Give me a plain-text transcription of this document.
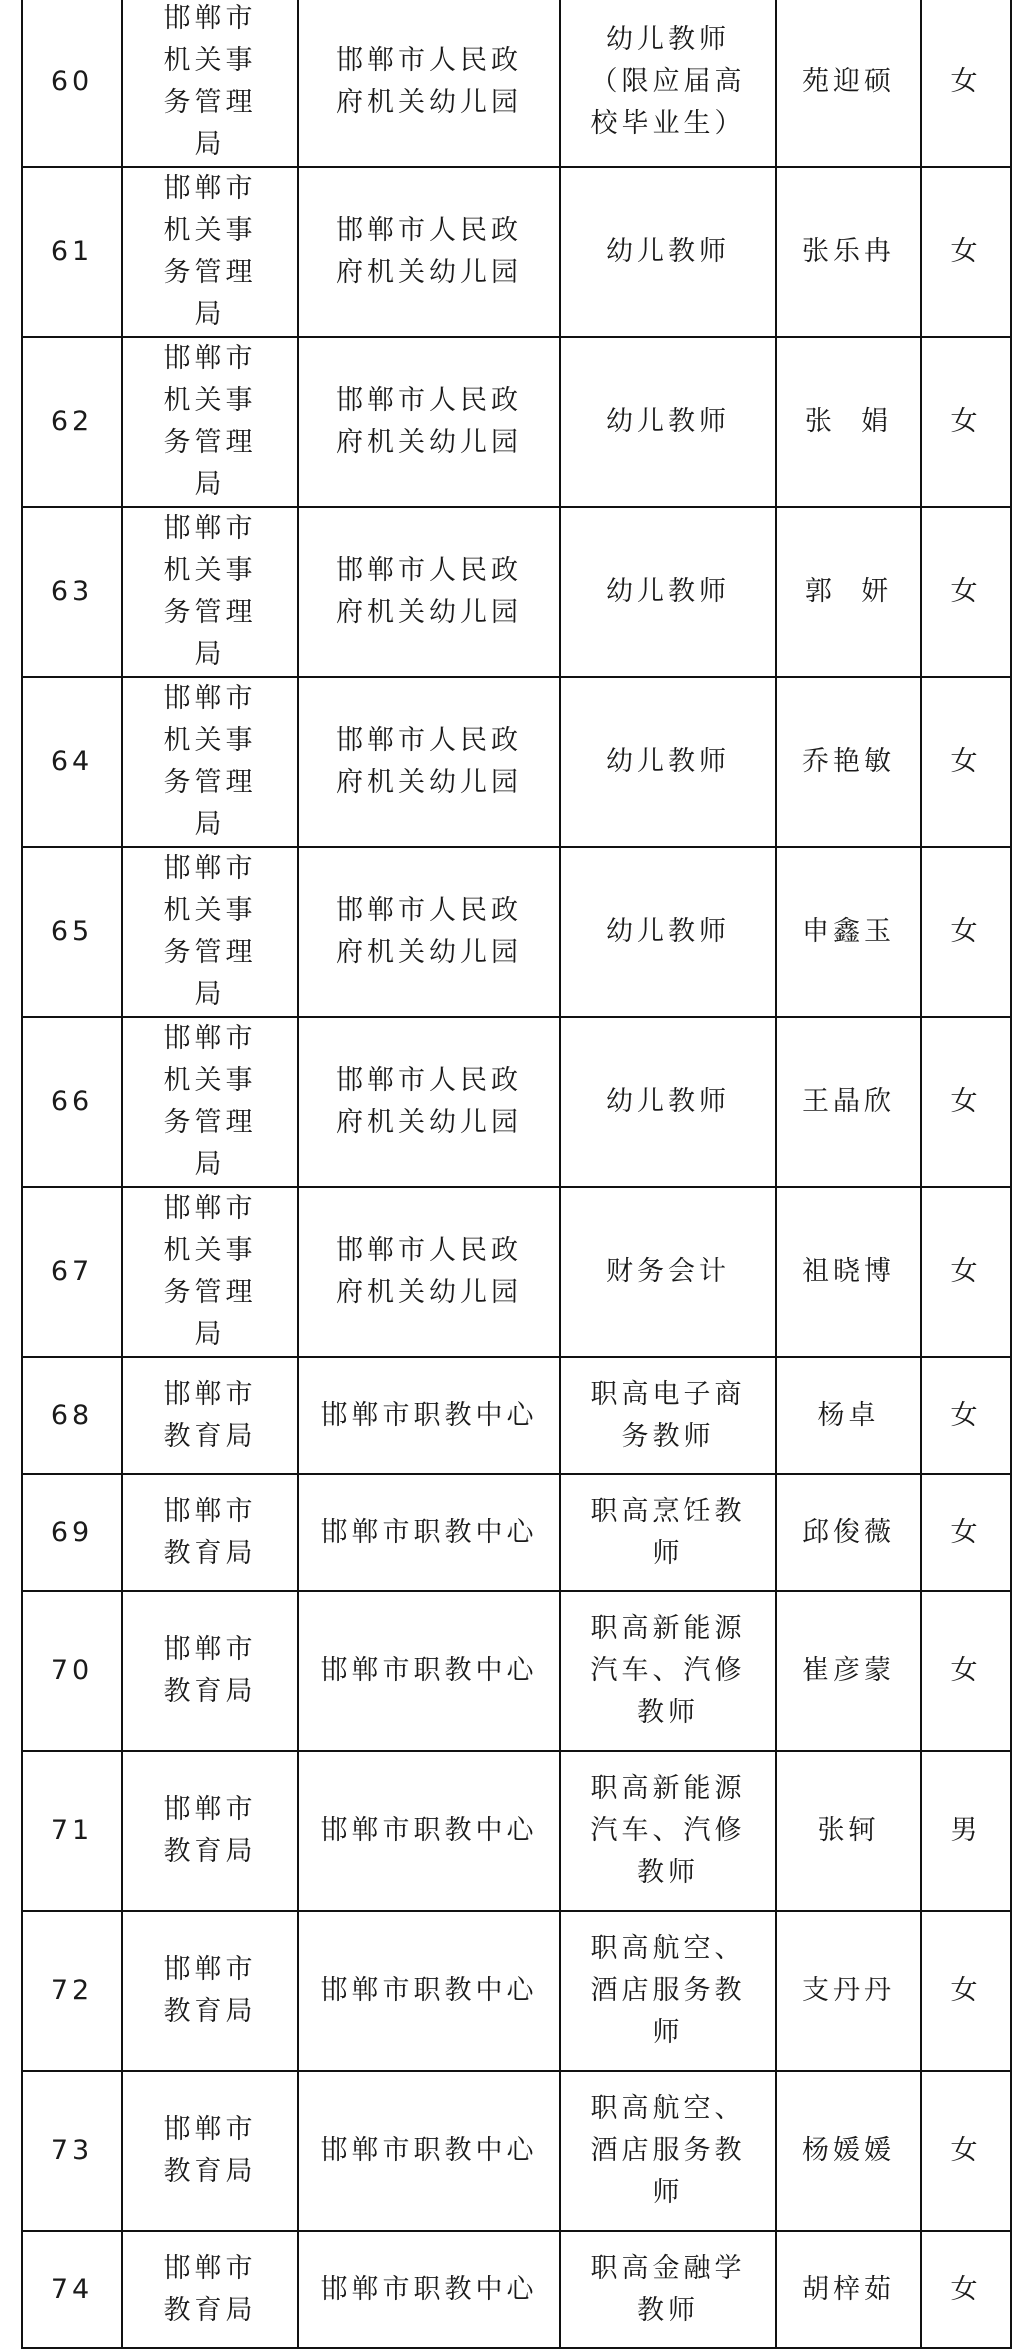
60	邯郸市机关事务管理局	邯郸市人民政府机关幼儿园	幼儿教师（限应届高校毕业生）	苑迎硕	女
61	邯郸市机关事务管理局	邯郸市人民政府机关幼儿园	幼儿教师	张乐冉	女
62	邯郸市机关事务管理局	邯郸市人民政府机关幼儿园	幼儿教师	张  娟	女
63	邯郸市机关事务管理局	邯郸市人民政府机关幼儿园	幼儿教师	郭  妍	女
64	邯郸市机关事务管理局	邯郸市人民政府机关幼儿园	幼儿教师	乔艳敏	女
65	邯郸市机关事务管理局	邯郸市人民政府机关幼儿园	幼儿教师	申鑫玉	女
66	邯郸市机关事务管理局	邯郸市人民政府机关幼儿园	幼儿教师	王晶欣	女
67	邯郸市机关事务管理局	邯郸市人民政府机关幼儿园	财务会计	祖晓博	女
68	邯郸市教育局	邯郸市职教中心	职高电子商务教师	杨卓	女
69	邯郸市教育局	邯郸市职教中心	职高烹饪教师	邱俊薇	女
70	邯郸市教育局	邯郸市职教中心	职高新能源汽车、汽修教师	崔彦蒙	女
71	邯郸市教育局	邯郸市职教中心	职高新能源汽车、汽修教师	张轲	男
72	邯郸市教育局	邯郸市职教中心	职高航空、酒店服务教师	支丹丹	女
73	邯郸市教育局	邯郸市职教中心	职高航空、酒店服务教师	杨媛媛	女
74	邯郸市教育局	邯郸市职教中心	职高金融学教师	胡梓茹	女
